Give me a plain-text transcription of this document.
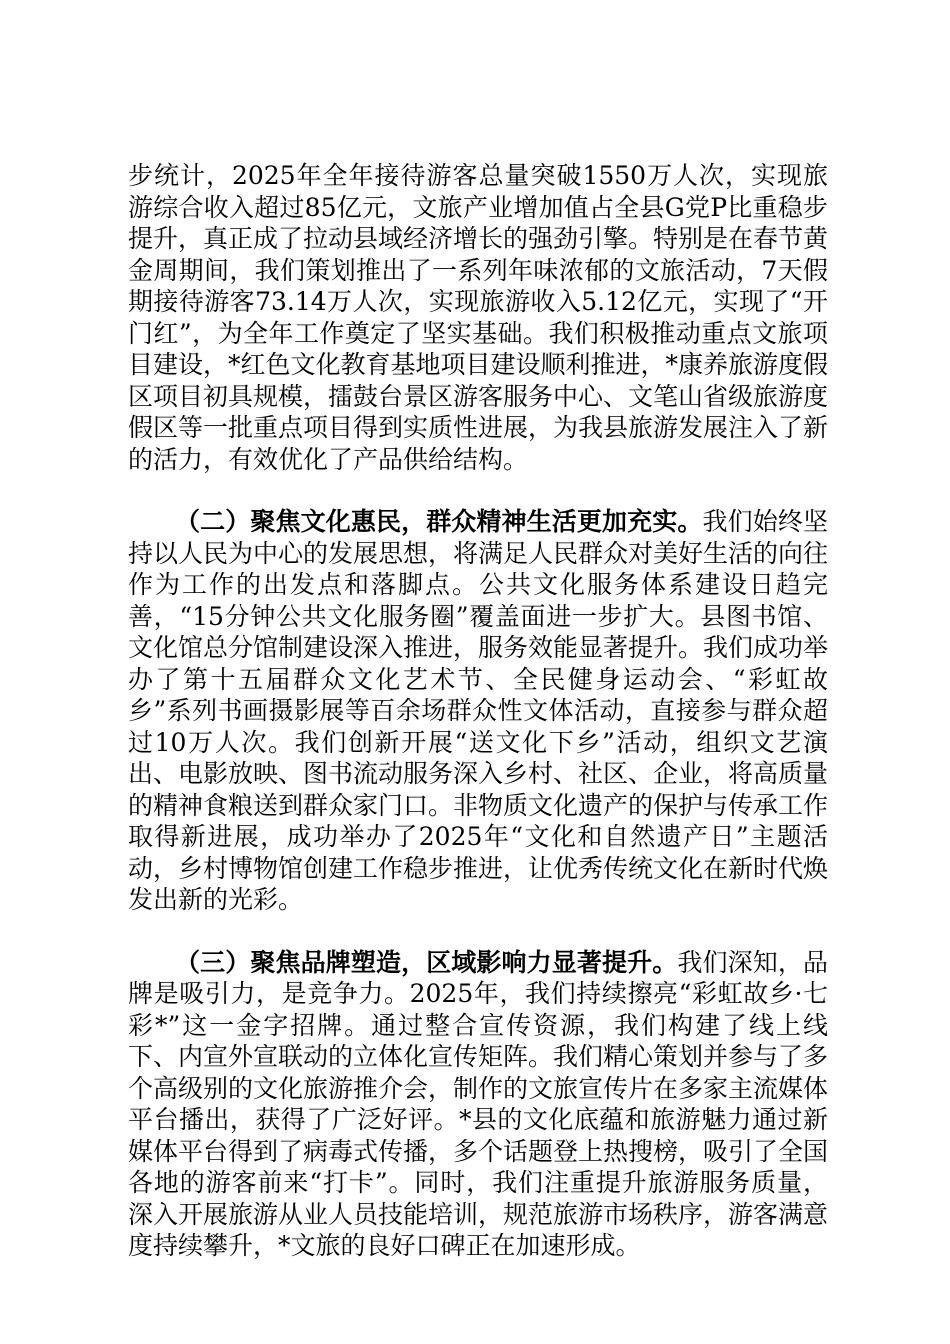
步统计，2025年全年接待游客总量突破1550万人次，实现旅游综合收入超过85亿元，文旅产业增加值占全县G党P比重稳步提升，真正成了拉动县域经济增长的强劲引擎。特别是在春节黄金周期间，我们策划推出了一系列年味浓郁的文旅活动，7天假期接待游客73.14万人次，实现旅游收入5.12亿元，实现了“开门红”，为全年工作奠定了坚实基础。我们积极推动重点文旅项目建设，*红色文化教育基地项目建设顺利推进，*康养旅游度假区项目初具规模，擂鼓台景区游客服务中心、文笔山省级旅游度假区等一批重点项目得到实质性进展，为我县旅游发展注入了新的活力，有效优化了产品供给结构。

（二）聚焦文化惠民，群众精神生活更加充实。我们始终坚持以人民为中心的发展思想，将满足人民群众对美好生活的向往作为工作的出发点和落脚点。公共文化服务体系建设日趋完善，“15分钟公共文化服务圈”覆盖面进一步扩大。县图书馆、文化馆总分馆制建设深入推进，服务效能显著提升。我们成功举办了第十五届群众文化艺术节、全民健身运动会、“彩虹故乡”系列书画摄影展等百余场群众性文体活动，直接参与群众超过10万人次。我们创新开展“送文化下乡”活动，组织文艺演出、电影放映、图书流动服务深入乡村、社区、企业，将高质量的精神食粮送到群众家门口。非物质文化遗产的保护与传承工作取得新进展，成功举办了2025年“文化和自然遗产日”主题活动，乡村博物馆创建工作稳步推进，让优秀传统文化在新时代焕发出新的光彩。

（三）聚焦品牌塑造，区域影响力显著提升。我们深知，品牌是吸引力，是竞争力。2025年，我们持续擦亮“彩虹故乡·七彩*”这一金字招牌。通过整合宣传资源，我们构建了线上线下、内宣外宣联动的立体化宣传矩阵。我们精心策划并参与了多个高级别的文化旅游推介会，制作的文旅宣传片在多家主流媒体平台播出，获得了广泛好评。*县的文化底蕴和旅游魅力通过新媒体平台得到了病毒式传播，多个话题登上热搜榜，吸引了全国各地的游客前来“打卡”。同时，我们注重提升旅游服务质量，深入开展旅游从业人员技能培训，规范旅游市场秩序，游客满意度持续攀升，*文旅的良好口碑正在加速形成。
